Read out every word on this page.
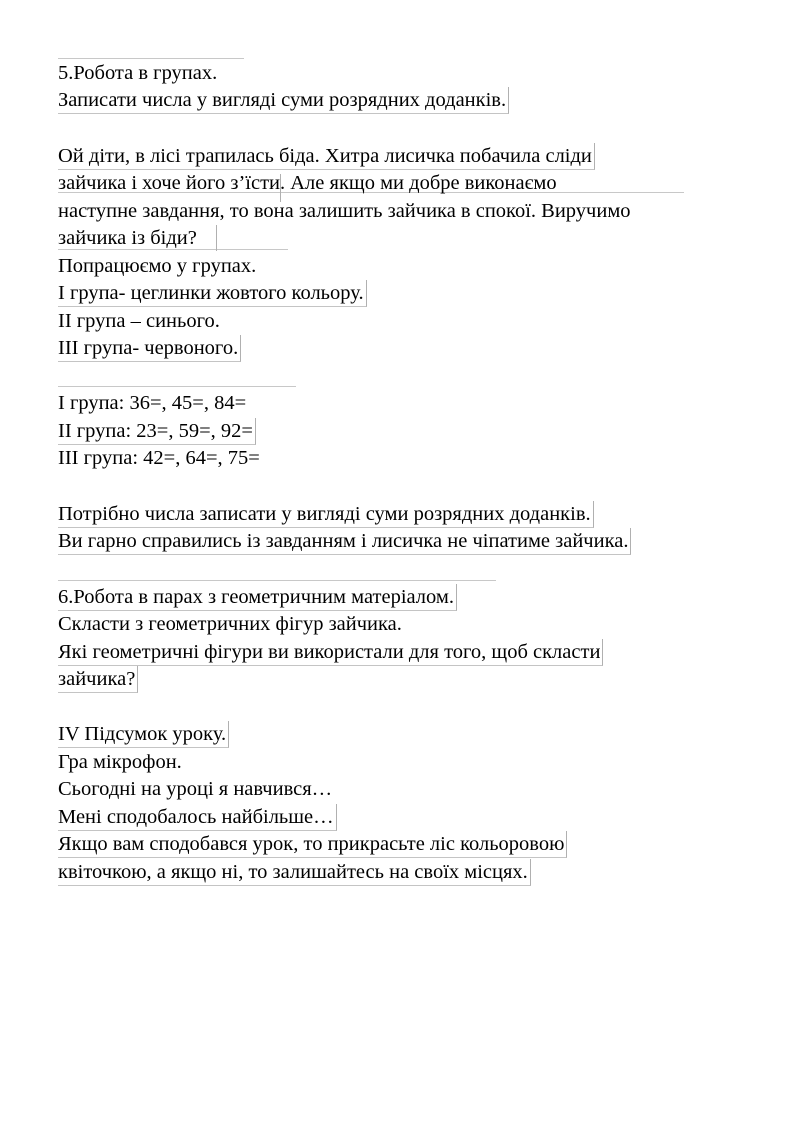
5.Робота в групах.
Записати числа у вигляді суми розрядних доданків.
Ой діти, в лісі трапилась біда. Хитра лисичка побачила сліди
зайчика і хоче його з’їсти. Але якщо ми добре виконаємо
наступне завдання, то вона залишить зайчика в спокої. Виручимо
зайчика із біди?
Попрацюємо у групах.
І група- цеглинки жовтого кольору.
ІІ група – синього.
ІІІ група- червоного.
І група: 36=, 45=, 84=
ІІ група: 23=, 59=, 92=
ІІІ група: 42=, 64=, 75=
Потрібно числа записати у вигляді суми розрядних доданків.
Ви гарно справились із завданням і лисичка не чіпатиме зайчика.
6.Робота в парах з геометричним матеріалом.
Скласти з геометричних фігур зайчика.
Які геометричні фігури ви використали для того, щоб скласти
зайчика?
ІV Підсумок уроку.
Гра мікрофон.
Сьогодні на уроці я навчився…
Мені сподобалось найбільше…
Якщо вам сподобався урок, то прикрасьте ліс кольоровою
квіточкою, а якщо ні, то залишайтесь на своїх місцях.
